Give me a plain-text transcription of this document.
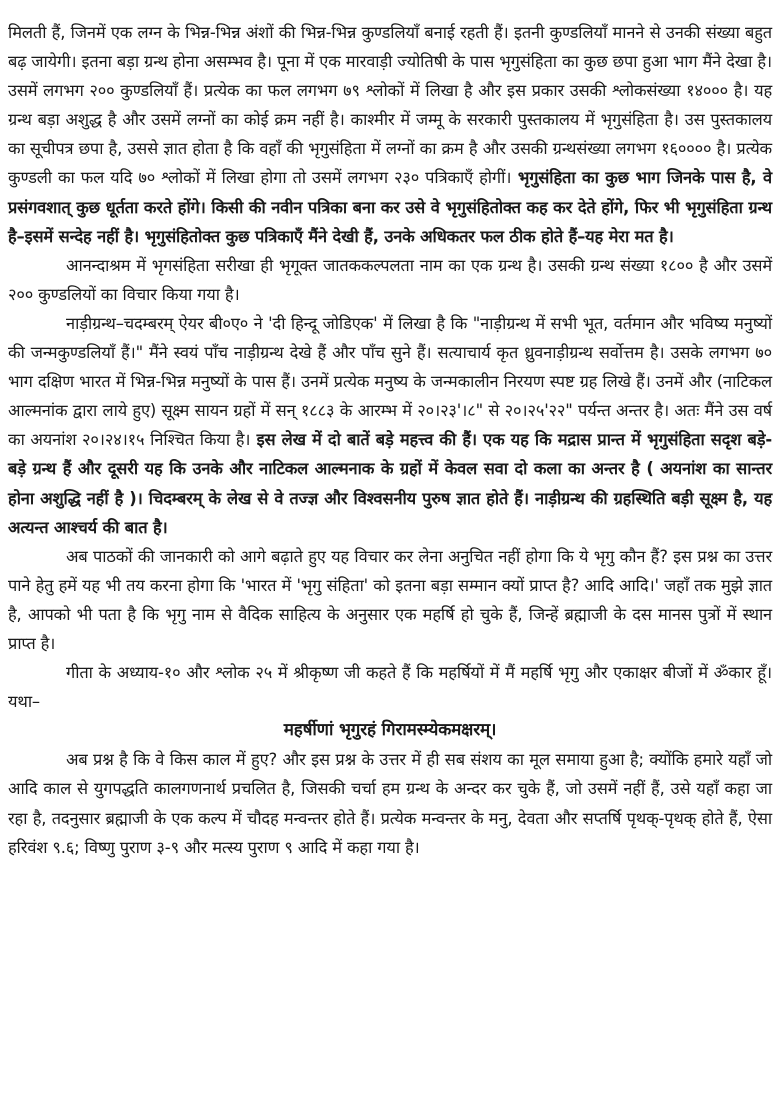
मिलती हैं, जिनमें एक लग्न के भिन्न-भिन्न अंशों की भिन्न-भिन्न कुण्डलियाँ बनाई रहती हैं। इतनी कुण्डलियाँ मानने से उनकी संख्या बहुत बढ़ जायेगी। इतना बड़ा ग्रन्थ होना असम्भव है। पूना में एक मारवाड़ी ज्योतिषी के पास भृगुसंहिता का कुछ छपा हुआ भाग मैंने देखा है। उसमें लगभग २०० कुण्डलियाँ हैं। प्रत्येक का फल लगभग ७९ श्लोकों में लिखा है और इस प्रकार उसकी श्लोकसंख्या १४००० है। यह ग्रन्थ बड़ा अशुद्ध है और उसमें लग्नों का कोई क्रम नहीं है। काश्मीर में जम्मू के सरकारी पुस्तकालय में भृगुसंहिता है। उस पुस्तकालय का सूचीपत्र छपा है, उससे ज्ञात होता है कि वहाँ की भृगुसंहिता में लग्नों का क्रम है और उसकी ग्रन्थसंख्या लगभग १६०००० है। प्रत्येक कुण्डली का फल यदि ७० श्लोकों में लिखा होगा तो उसमें लगभग २३० पत्रिकाएँ होगीं। भृगुसंहिता का कुछ भाग जिनके पास है, वे प्रसंगवशात् कुछ धूर्तता करते होंगे। किसी की नवीन पत्रिका बना कर उसे वे भृगुसंहितोक्त कह कर देते होंगे, फिर भी भृगुसंहिता ग्रन्थ है–इसमें सन्देह नहीं है। भृगुसंहितोक्त कुछ पत्रिकाएँ मैंने देखी हैं, उनके अधिकतर फल ठीक होते हैं–यह मेरा मत है।

आनन्दाश्रम में भृगसंहिता सरीखा ही भृगूक्त जातककल्पलता नाम का एक ग्रन्थ है। उसकी ग्रन्थ संख्या १८०० है और उसमें २०० कुण्डलियों का विचार किया गया है।

नाड़ीग्रन्थ–चदम्बरम् ऐयर बी०ए० ने 'दी हिन्दू जोडिएक' में लिखा है कि "नाड़ीग्रन्थ में सभी भूत, वर्तमान और भविष्य मनुष्यों की जन्मकुण्डलियाँ हैं।" मैंने स्वयं पाँच नाड़ीग्रन्थ देखे हैं और पाँच सुने हैं। सत्याचार्य कृत ध्रुवनाड़ीग्रन्थ सर्वोत्तम है। उसके लगभग ७० भाग दक्षिण भारत में भिन्न-भिन्न मनुष्यों के पास हैं। उनमें प्रत्येक मनुष्य के जन्मकालीन निरयण स्पष्ट ग्रह लिखे हैं। उनमें और (नाटिकल आल्मनांक द्वारा लाये हुए) सूक्ष्म सायन ग्रहों में सन् १८८३ के आरम्भ में २०।२३'।८" से २०।२५'२२" पर्यन्त अन्तर है। अतः मैंने उस वर्ष का अयनांश २०।२४।१५ निश्चित किया है। इस लेख में दो बातें बड़े महत्त्व की हैं। एक यह कि मद्रास प्रान्त में भृगुसंहिता सदृश बड़े-बड़े ग्रन्थ हैं और दूसरी यह कि उनके और नाटिकल आल्मनाक के ग्रहों में केवल सवा दो कला का अन्तर है ( अयनांश का सान्तर होना अशुद्धि नहीं है )। चिदम्बरम् के लेख से वे तज्ज्ञ और विश्वसनीय पुरुष ज्ञात होते हैं। नाड़ीग्रन्थ की ग्रहस्थिति बड़ी सूक्ष्म है, यह अत्यन्त आश्चर्य की बात है।

अब पाठकों की जानकारी को आगे बढ़ाते हुए यह विचार कर लेना अनुचित नहीं होगा कि ये भृगु कौन हैं? इस प्रश्न का उत्तर पाने हेतु हमें यह भी तय करना होगा कि 'भारत में 'भृगु संहिता' को इतना बड़ा सम्मान क्यों प्राप्त है? आदि आदि।' जहाँ तक मुझे ज्ञात है, आपको भी पता है कि भृगु नाम से वैदिक साहित्य के अनुसार एक महर्षि हो चुके हैं, जिन्हें ब्रह्माजी के दस मानस पुत्रों में स्थान प्राप्त है।

गीता के अध्याय-१० और श्लोक २५ में श्रीकृष्ण जी कहते हैं कि महर्षियों में मैं महर्षि भृगु और एकाक्षर बीजों में ॐकार हूँ। यथा–

महर्षीणां भृगुरहं गिरामस्म्येकमक्षरम्।

अब प्रश्न है कि वे किस काल में हुए? और इस प्रश्न के उत्तर में ही सब संशय का मूल समाया हुआ है; क्योंकि हमारे यहाँ जो आदि काल से युगपद्धति कालगणनार्थ प्रचलित है, जिसकी चर्चा हम ग्रन्थ के अन्दर कर चुके हैं, जो उसमें नहीं हैं, उसे यहाँ कहा जा रहा है, तदनुसार ब्रह्माजी के एक कल्प में चौदह मन्वन्तर होते हैं। प्रत्येक मन्वन्तर के मनु, देवता और सप्तर्षि पृथक्-पृथक् होते हैं, ऐसा हरिवंश ९.६; विष्णु पुराण ३-९ और मत्स्य पुराण ९ आदि में कहा गया है।
